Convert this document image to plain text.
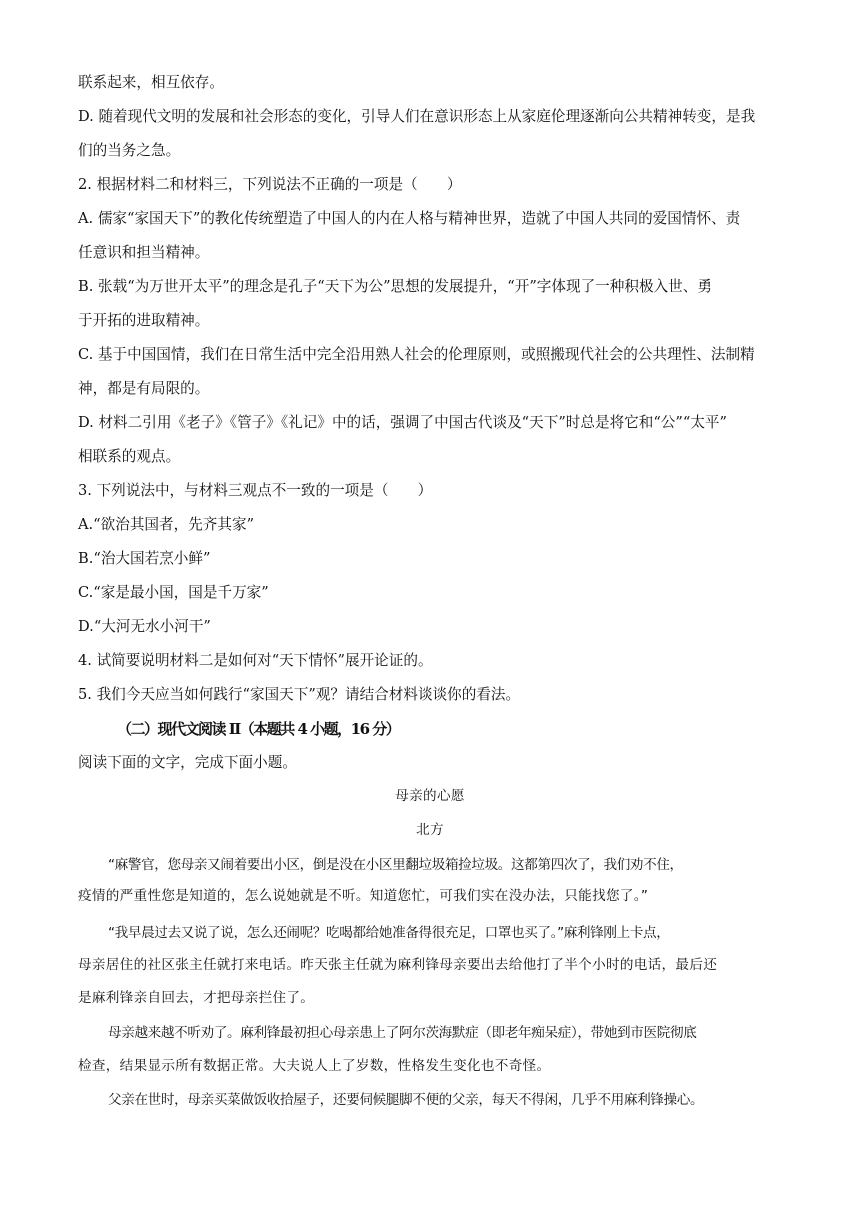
联系起来，相互依存。
D. 随着现代文明的发展和社会形态的变化，引导人们在意识形态上从家庭伦理逐渐向公共精神转变，是我
们的当务之急。
2. 根据材料二和材料三，下列说法不正确的一项是（　　）
A. 儒家“家国天下”的教化传统塑造了中国人的内在人格与精神世界，造就了中国人共同的爱国情怀、责
任意识和担当精神。
B. 张载“为万世开太平”的理念是孔子“天下为公”思想的发展提升，“开”字体现了一种积极入世、勇
于开拓的进取精神。
C. 基于中国国情，我们在日常生活中完全沿用熟人社会的伦理原则，或照搬现代社会的公共理性、法制精
神，都是有局限的。
D. 材料二引用《老子》《管子》《礼记》中的话，强调了中国古代谈及“天下”时总是将它和“公”“太平”
相联系的观点。
3. 下列说法中，与材料三观点不一致的一项是（　　）
A.“欲治其国者，先齐其家”
B.“治大国若烹小鲜”
C.“家是最小国，国是千万家”
D.“大河无水小河干”
4. 试简要说明材料二是如何对“天下情怀”展开论证的。
5. 我们今天应当如何践行“家国天下”观？请结合材料谈谈你的看法。
（二）现代文阅读 II（本题共 4 小题，16 分）
阅读下面的文字，完成下面小题。
母亲的心愿
北方
“麻警官，您母亲又闹着要出小区，倒是没在小区里翻垃圾箱捡垃圾。这都第四次了，我们劝不住，
疫情的严重性您是知道的，怎么说她就是不听。知道您忙，可我们实在没办法，只能找您了。”
“我早晨过去又说了说，怎么还闹呢？吃喝都给她准备得很充足，口罩也买了。”麻利锋刚上卡点，
母亲居住的社区张主任就打来电话。昨天张主任就为麻利锋母亲要出去给他打了半个小时的电话，最后还
是麻利锋亲自回去，才把母亲拦住了。
母亲越来越不听劝了。麻利锋最初担心母亲患上了阿尔茨海默症（即老年痴呆症），带她到市医院彻底
检查，结果显示所有数据正常。大夫说人上了岁数，性格发生变化也不奇怪。
父亲在世时，母亲买菜做饭收拾屋子，还要伺候腿脚不便的父亲，每天不得闲，几乎不用麻利锋操心。
